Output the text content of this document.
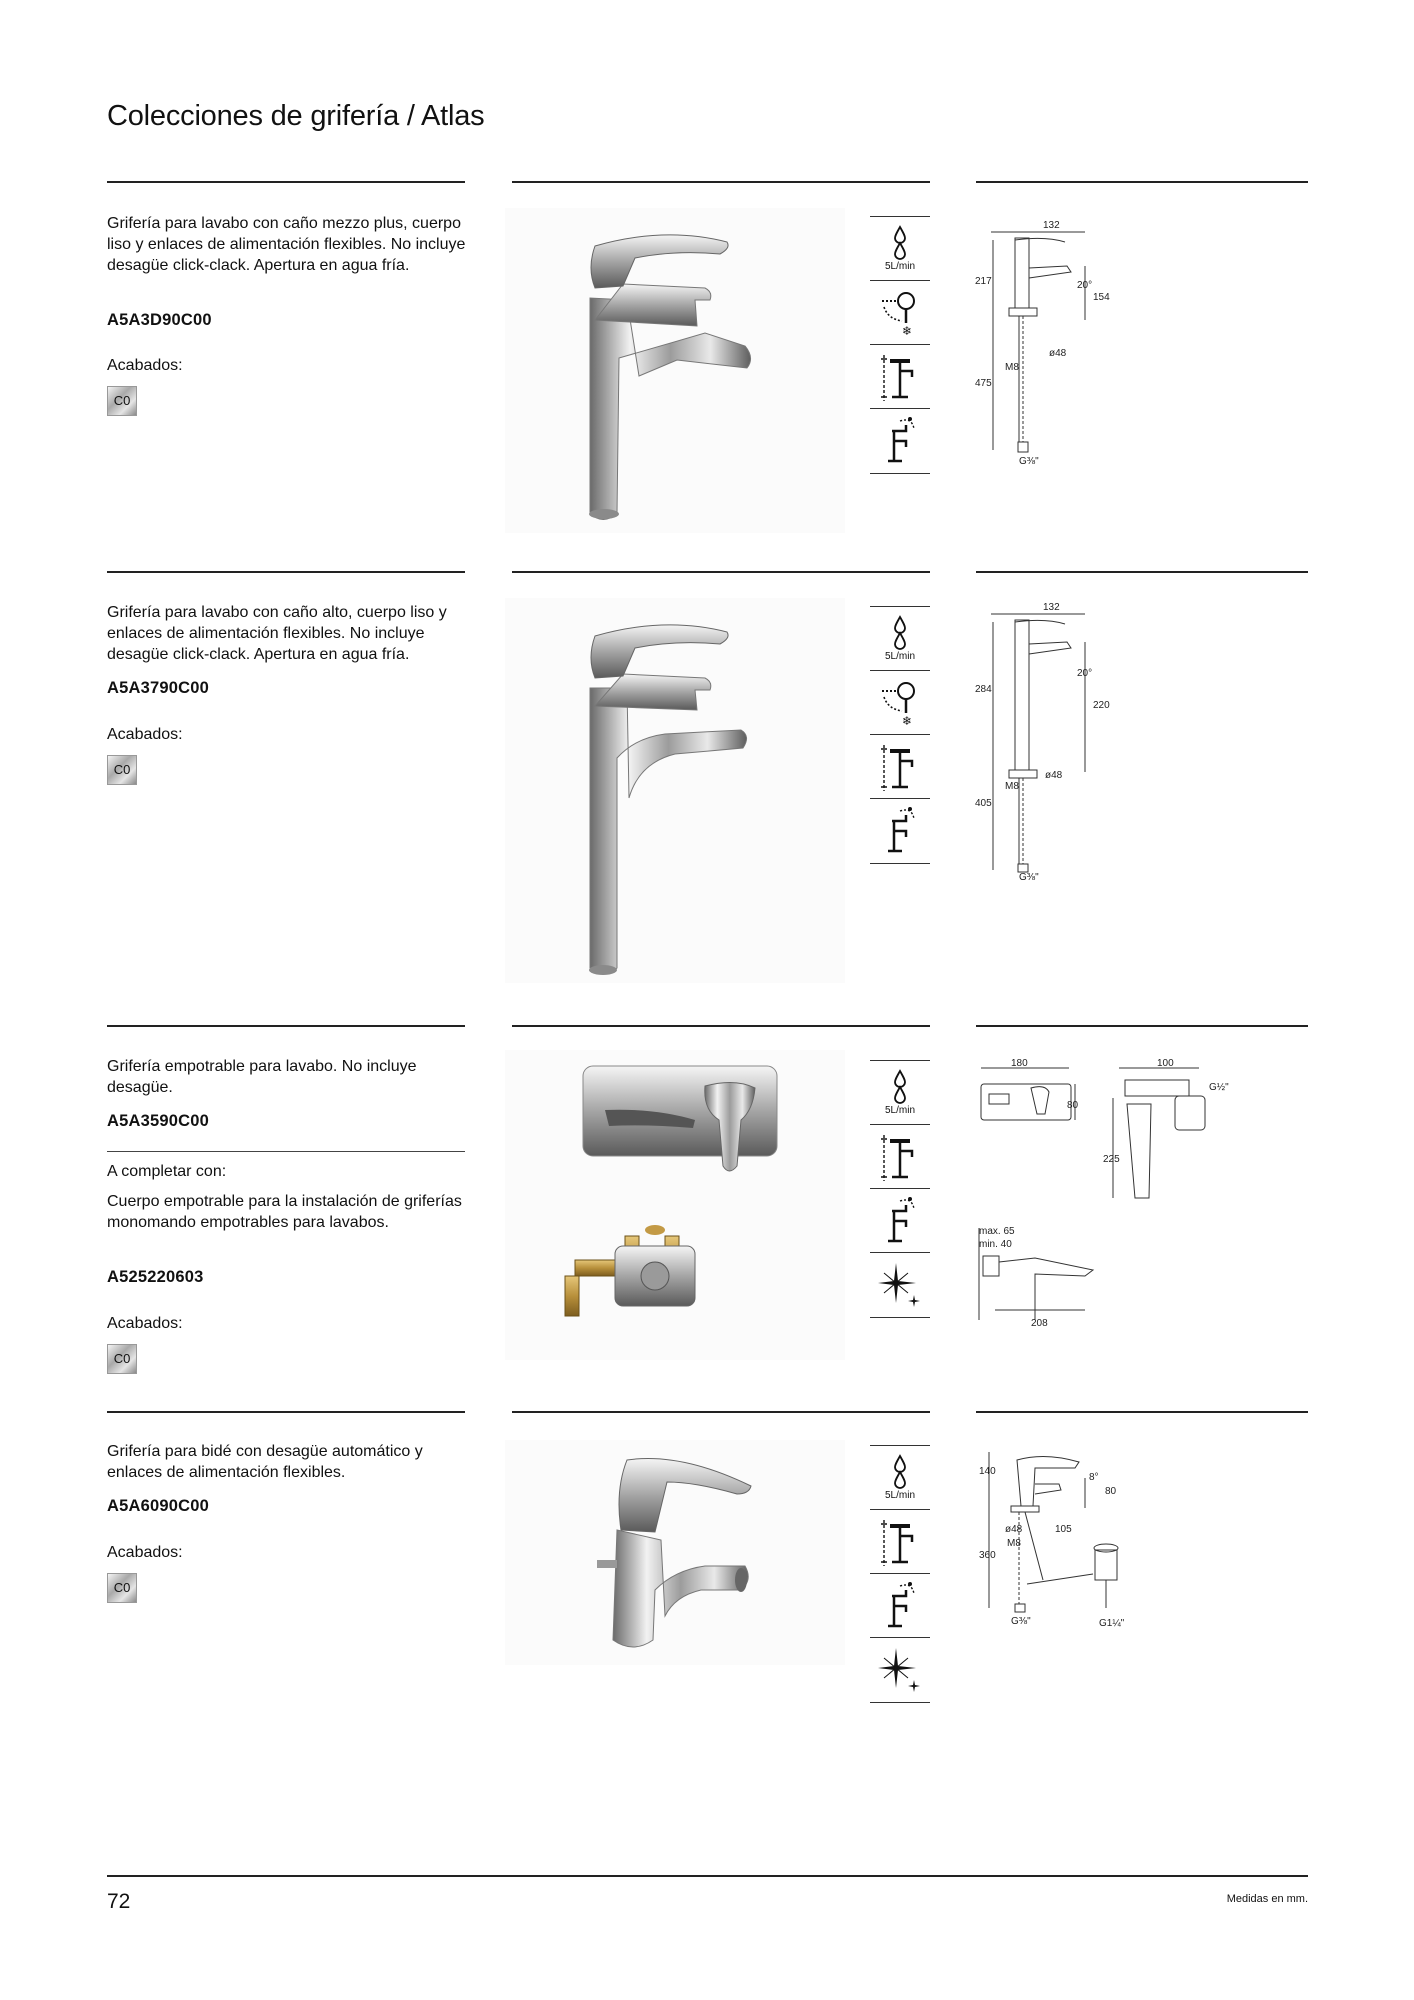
Colecciones de grifería / Atlas
Grifería para lavabo con caño mezzo plus, cuerpo liso y enlaces de alimentación flexibles. No incluye desagüe click-clack. Apertura en agua fría.
A5A3D90C00
Acabados:
C0
5L/min
132
217	20°
154
ø48
M8
475
G⅜"
Grifería para lavabo con caño alto, cuerpo liso y enlaces de alimentación flexibles. No incluye desagüe click-clack. Apertura en agua fría.
A5A3790C00
Acabados:
C0
5L/min
132
284
20°
220
ø48
M8
405
G⅜"
Grifería empotrable para lavabo. No incluye desagüe.
A5A3590C00
A completar con:
Cuerpo empotrable para la instalación de griferías monomando empotrables para lavabos.
A525220603
Acabados:
C0
5L/min
180
80
100
G½"
225
max. 65
min. 40
208
Grifería para bidé con desagüe automático y enlaces de alimentación flexibles.
A5A6090C00
Acabados:
C0
5L/min
140
8°
80
ø48	105
M8
360
G⅜"	G1¼"
72	Medidas en mm.
